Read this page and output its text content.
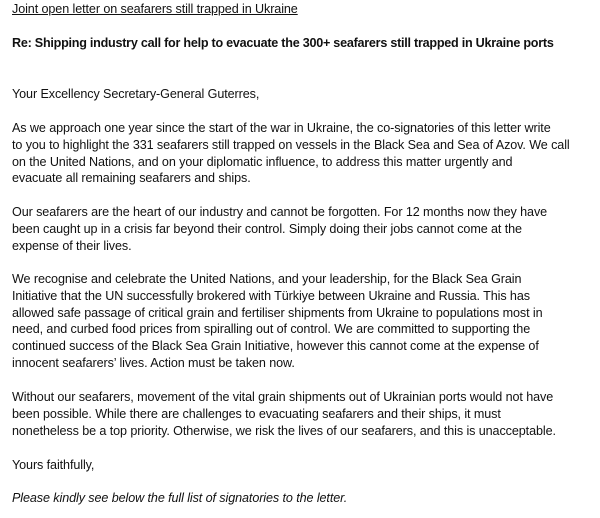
Joint open letter on seafarers still trapped in Ukraine
Re: Shipping industry call for help to evacuate the 300+ seafarers still trapped in Ukraine ports
Your Excellency Secretary-General Guterres,
As we approach one year since the start of the war in Ukraine, the co-signatories of this letter write
to you to highlight the 331 seafarers still trapped on vessels in the Black Sea and Sea of Azov. We call
on the United Nations, and on your diplomatic influence, to address this matter urgently and
evacuate all remaining seafarers and ships.
Our seafarers are the heart of our industry and cannot be forgotten. For 12 months now they have
been caught up in a crisis far beyond their control. Simply doing their jobs cannot come at the
expense of their lives.
We recognise and celebrate the United Nations, and your leadership, for the Black Sea Grain
Initiative that the UN successfully brokered with Türkiye between Ukraine and Russia. This has
allowed safe passage of critical grain and fertiliser shipments from Ukraine to populations most in
need, and curbed food prices from spiralling out of control. We are committed to supporting the
continued success of the Black Sea Grain Initiative, however this cannot come at the expense of
innocent seafarers’ lives. Action must be taken now.
Without our seafarers, movement of the vital grain shipments out of Ukrainian ports would not have
been possible. While there are challenges to evacuating seafarers and their ships, it must
nonetheless be a top priority. Otherwise, we risk the lives of our seafarers, and this is unacceptable.
Yours faithfully,
Please kindly see below the full list of signatories to the letter.
